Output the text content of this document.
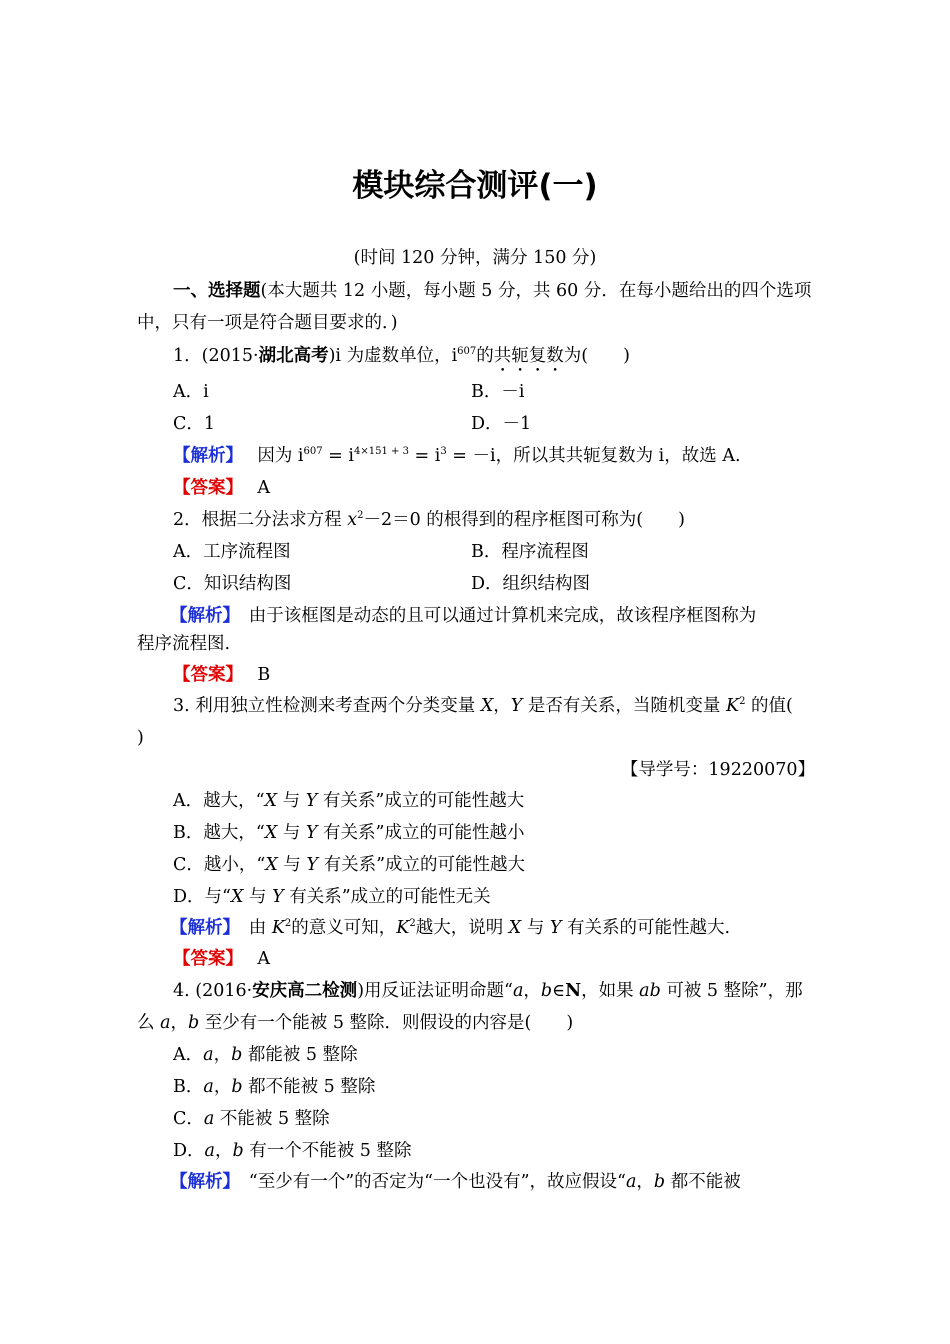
模块综合测评(一)
(时间 120 分钟，满分 150 分)
一、选择题(本大题共 12 小题，每小题 5 分，共 60 分．在每小题给出的四个选项
中，只有一项是符合题目要求的．)
1．(2015·湖北高考)i 为虚数单位，$i^{607}$的共轭复数为(　　)
A．i	B．－i
C．1	D．－1
【解析】　 因为 $i^{607} = i^{4\times 151 + 3} = i^3 = -i$，所以其共轭复数为 i，故选 A.
【答案】　 A
2．根据二分法求方程 $x^2-2=0$ 的根得到的程序框图可称为(　　)
A．工序流程图	B．程序流程图
C．知识结构图	D．组织结构图
【解析】　 由于该框图是动态的且可以通过计算机来完成，故该程序框图称为
程序流程图.
【答案】　 B
3. 利用独立性检测来考查两个分类变量 X，Y 是否有关系，当随机变量 $K^2$ 的值(
)
【导学号：19220070】
A．越大，“X 与 Y 有关系”成立的可能性越大
B．越大，“X 与 Y 有关系”成立的可能性越小
C．越小，“X 与 Y 有关系”成立的可能性越大
D．与“X 与 Y 有关系”成立的可能性无关
【解析】　 由 $K^2$的意义可知，$K^2$越大，说明 X 与 Y 有关系的可能性越大.
【答案】　 A
4. (2016·安庆高二检测)用反证法证明命题“a，b∈N，如果 ab 可被 5 整除”，那
么 a，b 至少有一个能被 5 整除．则假设的内容是(　　)
A．a，b 都能被 5 整除
B．a，b 都不能被 5 整除
C．a 不能被 5 整除
D．a，b 有一个不能被 5 整除
【解析】　 “至少有一个”的否定为“一个也没有”，故应假设“a，b 都不能被
